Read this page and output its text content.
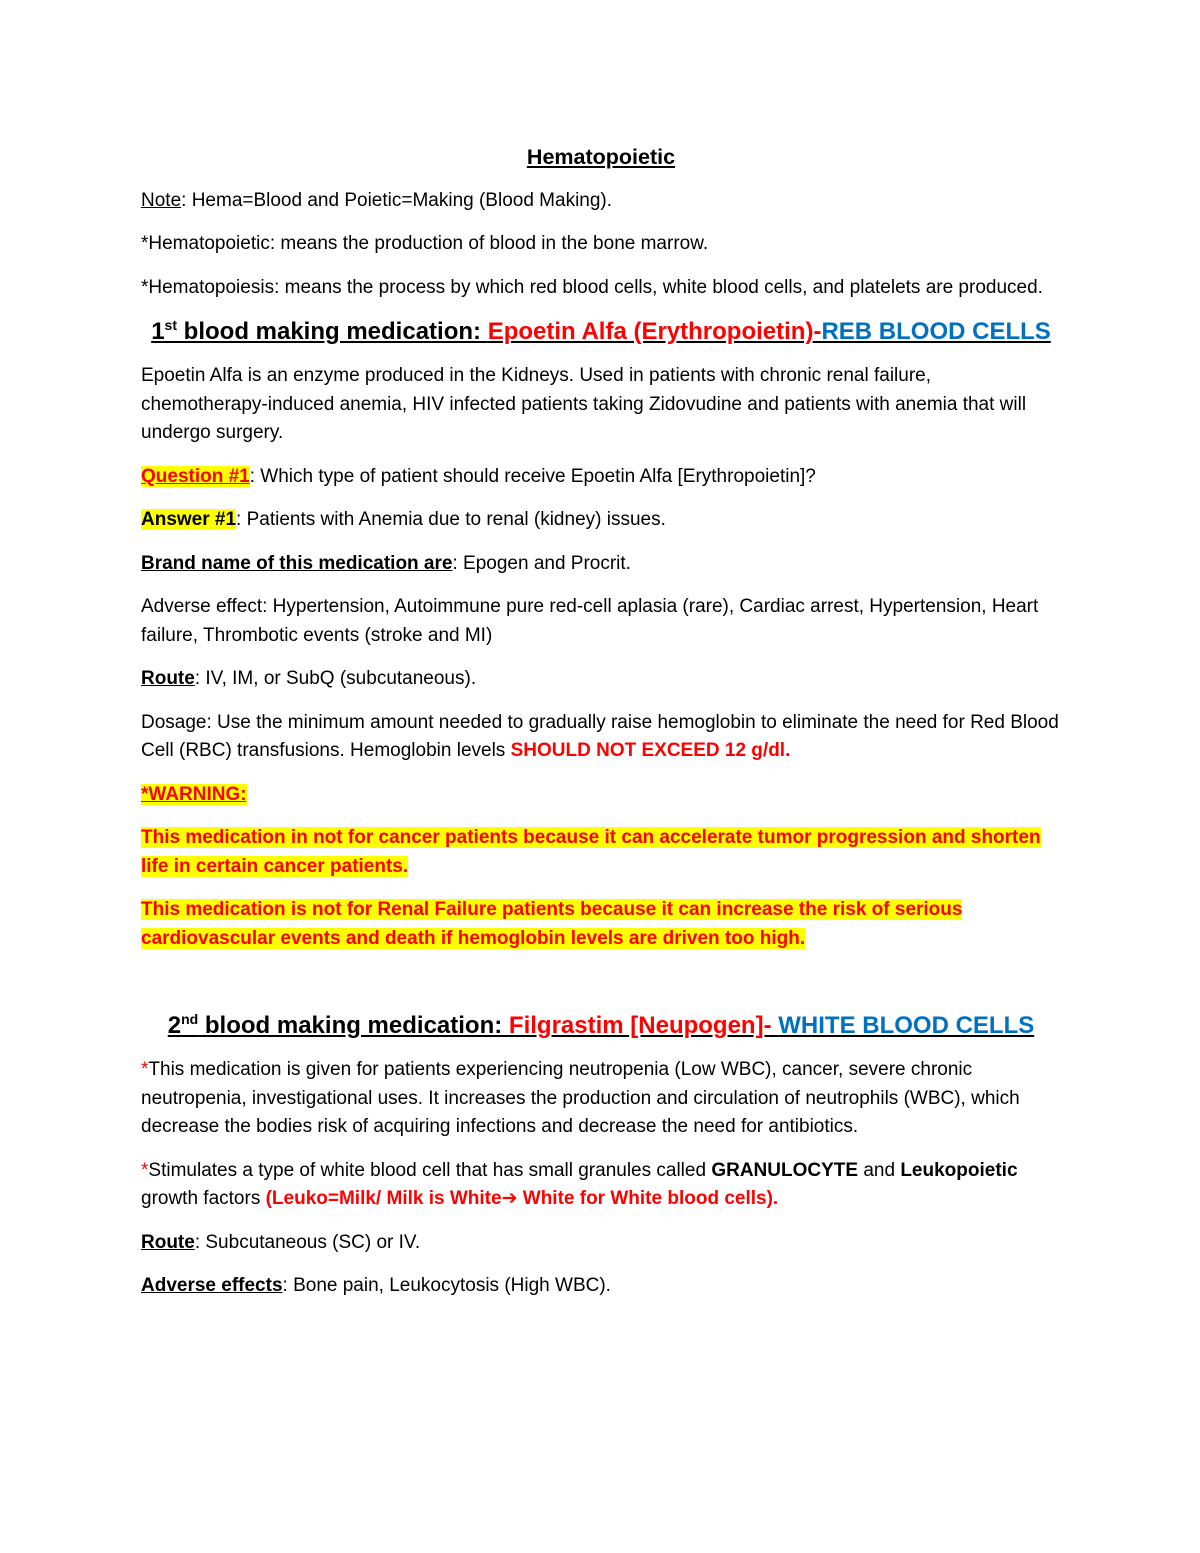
Hematopoietic

Note: Hema=Blood and Poietic=Making (Blood Making).

*Hematopoietic: means the production of blood in the bone marrow.

*Hematopoiesis: means the process by which red blood cells, white blood cells, and platelets are produced.

1st blood making medication: Epoetin Alfa (Erythropoietin)-REB BLOOD CELLS

Epoetin Alfa is an enzyme produced in the Kidneys. Used in patients with chronic renal failure, chemotherapy-induced anemia, HIV infected patients taking Zidovudine and patients with anemia that will undergo surgery.

Question #1: Which type of patient should receive Epoetin Alfa [Erythropoietin]?

Answer #1: Patients with Anemia due to renal (kidney) issues.

Brand name of this medication are: Epogen and Procrit.

Adverse effect: Hypertension, Autoimmune pure red-cell aplasia (rare), Cardiac arrest, Hypertension, Heart failure, Thrombotic events (stroke and MI)

Route: IV, IM, or SubQ (subcutaneous).

Dosage: Use the minimum amount needed to gradually raise hemoglobin to eliminate the need for Red Blood Cell (RBC) transfusions. Hemoglobin levels SHOULD NOT EXCEED 12 g/dl.

*WARNING:

This medication in not for cancer patients because it can accelerate tumor progression and shorten life in certain cancer patients.

This medication is not for Renal Failure patients because it can increase the risk of serious cardiovascular events and death if hemoglobin levels are driven too high.

2nd blood making medication: Filgrastim [Neupogen]- WHITE BLOOD CELLS

*This medication is given for patients experiencing neutropenia (Low WBC), cancer, severe chronic neutropenia, investigational uses. It increases the production and circulation of neutrophils (WBC), which decrease the bodies risk of acquiring infections and decrease the need for antibiotics.

*Stimulates a type of white blood cell that has small granules called GRANULOCYTE and Leukopoietic growth factors (Leuko=Milk/ Milk is White➔ White for White blood cells).

Route: Subcutaneous (SC) or IV.

Adverse effects: Bone pain, Leukocytosis (High WBC).
